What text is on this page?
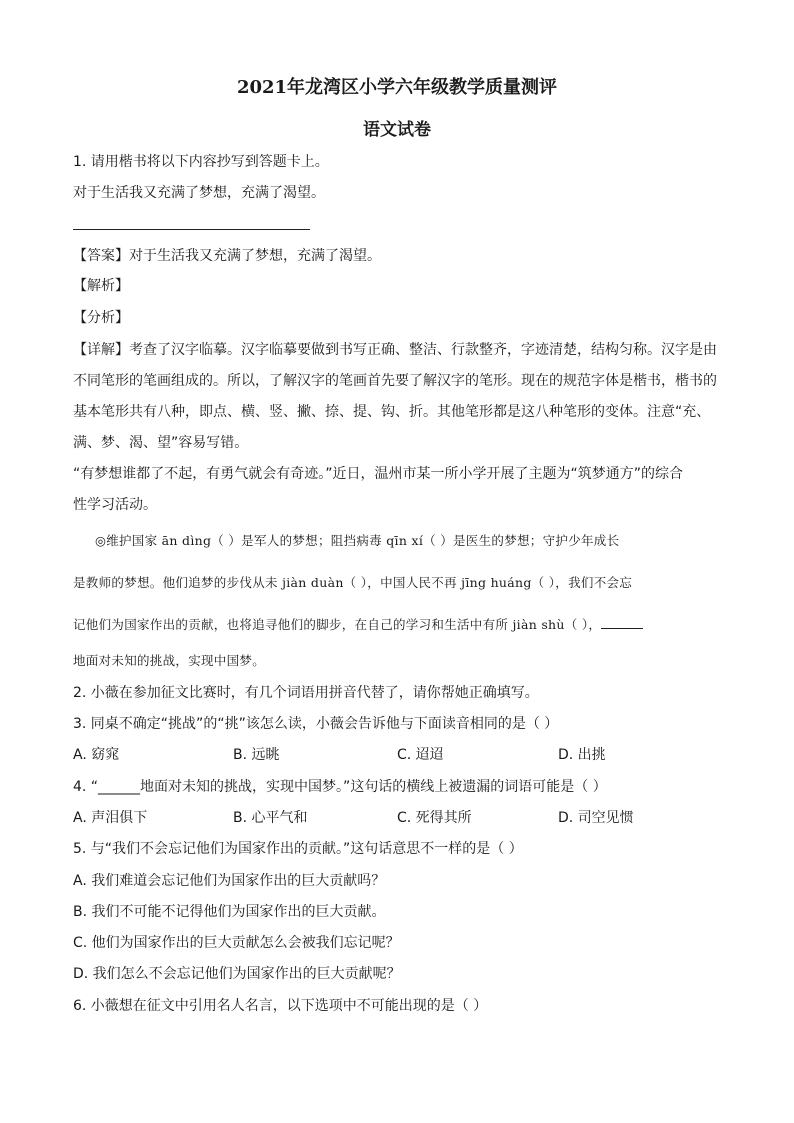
2021年龙湾区小学六年级教学质量测评
语文试卷
1. 请用楷书将以下内容抄写到答题卡上。
对于生活我又充满了梦想，充满了渴望。
【答案】对于生活我又充满了梦想，充满了渴望。
【解析】
【分析】
【详解】考查了汉字临摹。汉字临摹要做到书写正确、整洁、行款整齐，字迹清楚，结构匀称。汉字是由
不同笔形的笔画组成的。所以，了解汉字的笔画首先要了解汉字的笔形。现在的规范字体是楷书，楷书的
基本笔形共有八种，即点、横、竖、撇、捺、提、钩、折。其他笔形都是这八种笔形的变体。注意“充、
满、梦、渴、望”容易写错。
“有梦想谁都了不起，有勇气就会有奇迹。”近日，温州市某一所小学开展了主题为“筑梦通方”的综合
性学习活动。
◎维护国家 ān dìng（ ）是军人的梦想；阻挡病毒 qīn xí（ ）是医生的梦想；守护少年成长
是教师的梦想。他们追梦的步伐从未 jiàn duàn（ ），中国人民不再 jīng huáng（ ），我们不会忘
记他们为国家作出的贡献，也将追寻他们的脚步，在自己的学习和生活中有所 jiàn shù（ ），
地面对未知的挑战，实现中国梦。
2. 小薇在参加征文比赛时，有几个词语用拼音代替了，请你帮她正确填写。
3. 同桌不确定“挑战”的“挑”该怎么读，小薇会告诉他与下面读音相同的是（ ）
A. 窈窕	B. 远眺	C. 迢迢	D. 出挑
4. “______地面对未知的挑战，实现中国梦。”这句话的横线上被遗漏的词语可能是（ ）
A. 声泪俱下	B. 心平气和	C. 死得其所	D. 司空见惯
5. 与“我们不会忘记他们为国家作出的贡献。”这句话意思不一样的是（ ）
A. 我们难道会忘记他们为国家作出的巨大贡献吗？
B. 我们不可能不记得他们为国家作出的巨大贡献。
C. 他们为国家作出的巨大贡献怎么会被我们忘记呢？
D. 我们怎么不会忘记他们为国家作出的巨大贡献呢？
6. 小薇想在征文中引用名人名言，以下选项中不可能出现的是（ ）
